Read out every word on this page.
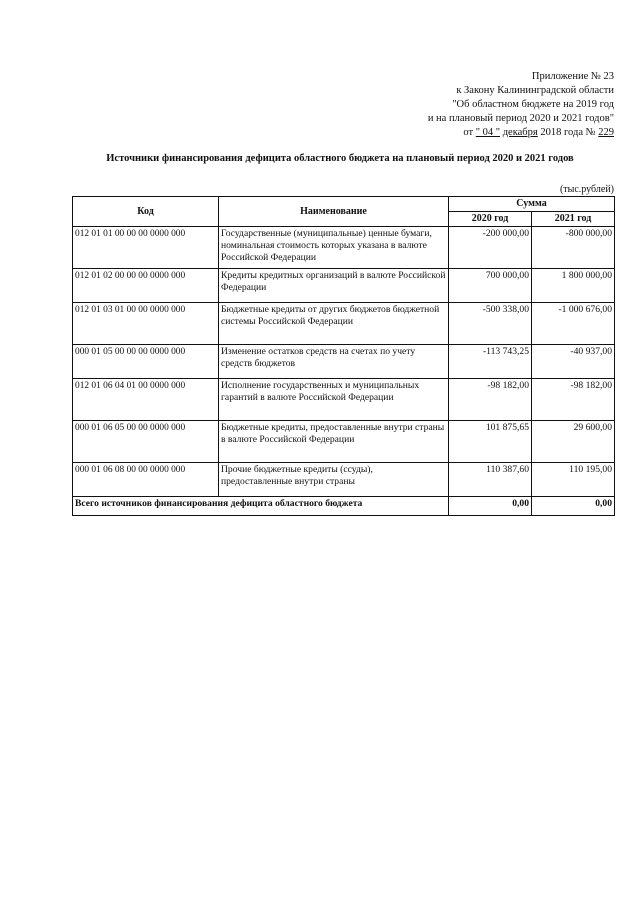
Приложение № 23
к Закону Калининградской области
"Об областном бюджете на 2019 год
и на плановый период 2020 и 2021 годов"
от " 04 " декабря 2018 года № 229
Источники финансирования дефицита областного бюджета на плановый период 2020 и 2021 годов
(тыс.рублей)
Код	Наименование	Сумма	
		2020 год	2021 год
012 01 01 00 00 00 0000 000	Государственные (муниципальные) ценные бумаги, номинальная стоимость которых указана в валюте Российской Федерации	-200 000,00	-800 000,00
012 01 02 00 00 00 0000 000	Кредиты кредитных организаций в валюте Российской Федерации	700 000,00	1 800 000,00
012 01 03 01 00 00 0000 000	Бюджетные кредиты от других бюджетов бюджетной системы Российской Федерации	-500 338,00	-1 000 676,00
000 01 05 00 00 00 0000 000	Изменение остатков средств на счетах по учету средств бюджетов	-113 743,25	-40 937,00
012 01 06 04 01 00 0000 000	Исполнение государственных и муниципальных гарантий в валюте Российской Федерации	-98 182,00	-98 182,00
000 01 06 05 00 00 0000 000	Бюджетные кредиты, предоставленные внутри страны в валюте Российской Федерации	101 875,65	29 600,00
000 01 06 08 00 00 0000 000	Прочие бюджетные кредиты (ссуды), предоставленные внутри страны	110 387,60	110 195,00
Всего источников финансирования дефицита областного бюджета		0,00	0,00
